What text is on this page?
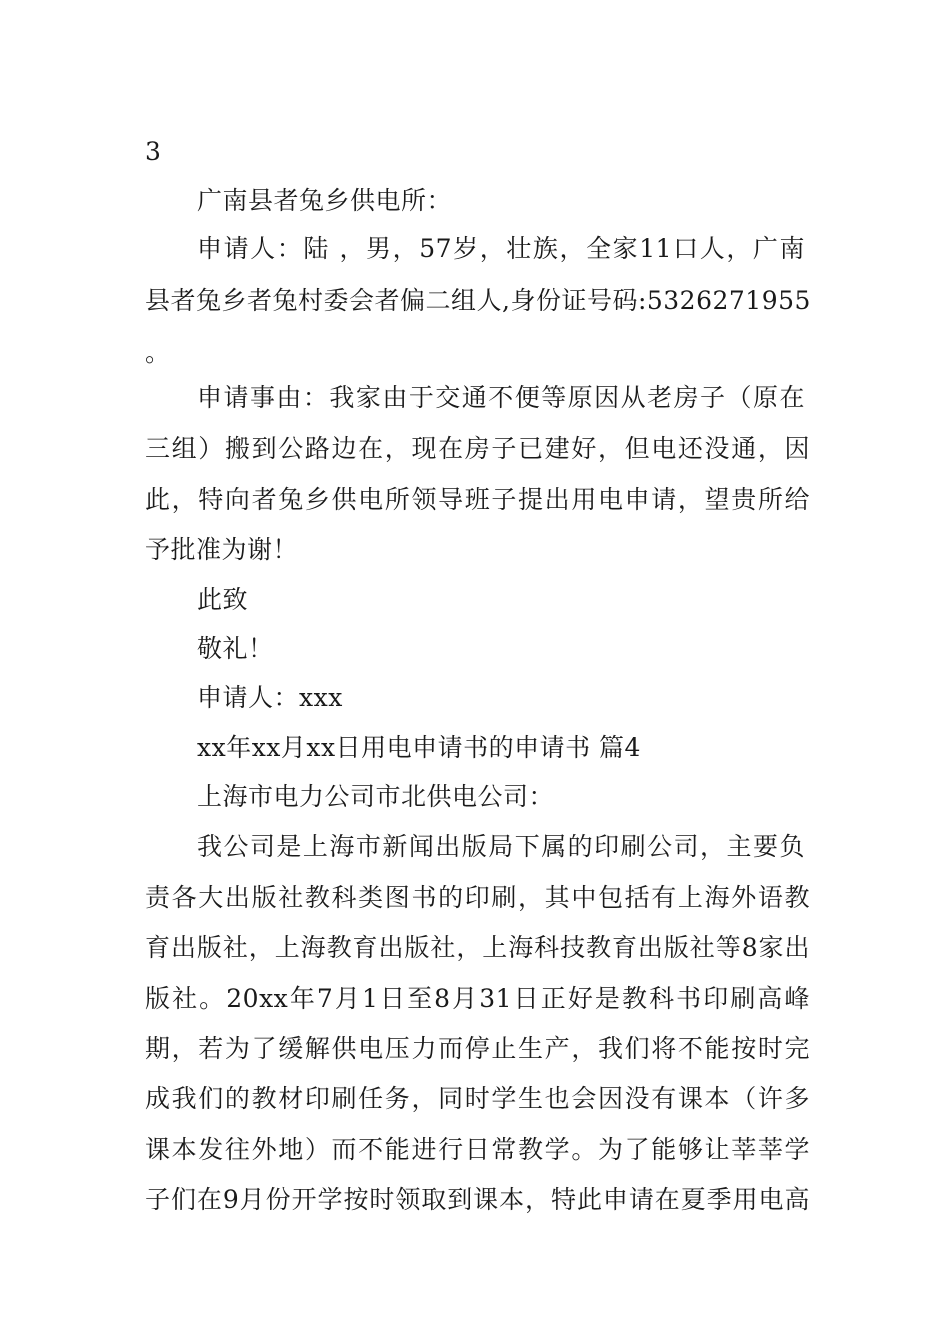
3
广南县者兔乡供电所：
申请人：陆 ，男，57岁，壮族，全家11口人，广南
县者兔乡者兔村委会者偏二组人,身份证号码:5326271955
。
申请事由：我家由于交通不便等原因从老房子（原在
三组）搬到公路边在，现在房子已建好，但电还没通，因
此，特向者兔乡供电所领导班子提出用电申请，望贵所给
予批准为谢！
此致
敬礼！
申请人：xxx
xx年xx月xx日用电申请书的申请书 篇4
上海市电力公司市北供电公司：
我公司是上海市新闻出版局下属的印刷公司，主要负
责各大出版社教科类图书的印刷，其中包括有上海外语教
育出版社，上海教育出版社，上海科技教育出版社等8家出
版社。20xx年7月1日至8月31日正好是教科书印刷高峰
期，若为了缓解供电压力而停止生产，我们将不能按时完
成我们的教材印刷任务，同时学生也会因没有课本（许多
课本发往外地）而不能进行日常教学。为了能够让莘莘学
子们在9月份开学按时领取到课本，特此申请在夏季用电高
